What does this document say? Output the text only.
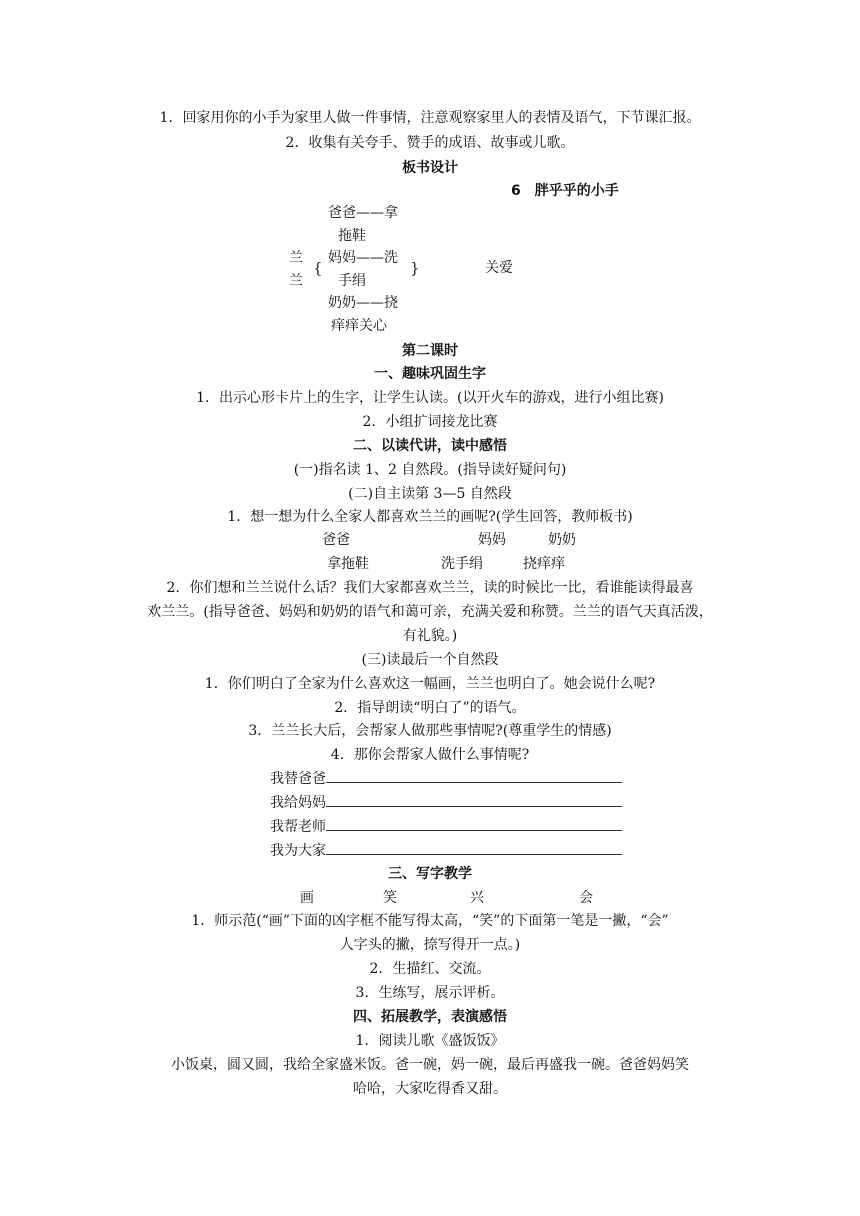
1．回家用你的小手为家里人做一件事情，注意观察家里人的表情及语气，下节课汇报。
2．收集有关夸手、赞手的成语、故事或儿歌。
板书设计
6　胖乎乎的小手
爸爸——拿
拖鞋
兰
{
妈妈——洗
}	关爱
兰	手绢
奶奶——挠
痒痒关心
第二课时
一、趣味巩固生字
1．出示心形卡片上的生字，让学生认读。(以开火车的游戏，进行小组比赛)
2．小组扩词接龙比赛
二、以读代讲，读中感悟
(一)指名读 1、2 自然段。(指导读好疑问句)
(二)自主读第 3—5 自然段
1．想一想为什么全家人都喜欢兰兰的画呢?(学生回答，教师板书)
爸爸	妈妈	奶奶
拿拖鞋	洗手绢	挠痒痒
2．你们想和兰兰说什么话？我们大家都喜欢兰兰，读的时候比一比，看谁能读得最喜
欢兰兰。(指导爸爸、妈妈和奶奶的语气和蔼可亲，充满关爱和称赞。兰兰的语气天真活泼，
有礼貌。)
(三)读最后一个自然段
1．你们明白了全家为什么喜欢这一幅画，兰兰也明白了。她会说什么呢?
2．指导朗读“明白了”的语气。
3．兰兰长大后，会帮家人做那些事情呢?(尊重学生的情感)
4．那你会帮家人做什么事情呢?
我替爸爸
我给妈妈
我帮老师
我为大家
三、写字教学
画	笑	兴	会
1．师示范(“画”下面的凶字框不能写得太高，“笑”的下面第一笔是一撇，“会”
人字头的撇，捺写得开一点。)
2．生描红、交流。
3．生练写，展示评析。
四、拓展教学，表演感悟
1．阅读儿歌《盛饭饭》
小饭桌，圆又圆，我给全家盛米饭。爸一碗，妈一碗，最后再盛我一碗。爸爸妈妈笑
哈哈，大家吃得香又甜。
